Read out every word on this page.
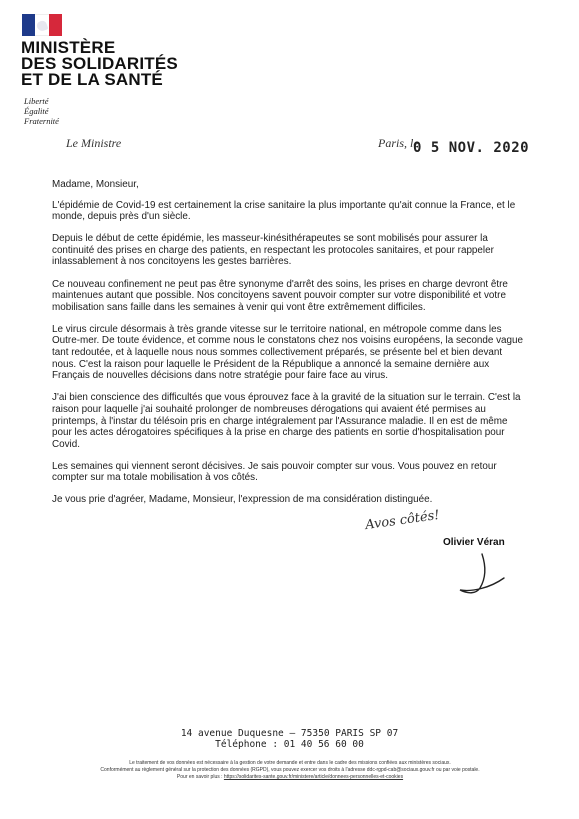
MINISTÈRE
DES SOLIDARITÉS
ET DE LA SANTÉ
Liberté
Égalité
Fraternité
Le Ministre	Paris, le
0 5 NOV. 2020

Madame, Monsieur,

L'épidémie de Covid-19 est certainement la crise sanitaire la plus importante qu'ait connue la France, et le monde, depuis près d'un siècle.

Depuis le début de cette épidémie, les masseur-kinésithérapeutes se sont mobilisés pour assurer la continuité des prises en charge des patients, en respectant les protocoles sanitaires, et pour rappeler inlassablement à nos concitoyens les gestes barrières.

Ce nouveau confinement ne peut pas être synonyme d'arrêt des soins, les prises en charge devront être maintenues autant que possible. Nos concitoyens savent pouvoir compter sur votre disponibilité et votre mobilisation sans faille dans les semaines à venir qui vont être extrêmement difficiles.

Le virus circule désormais à très grande vitesse sur le territoire national, en métropole comme dans les Outre-mer. De toute évidence, et comme nous le constatons chez nos voisins européens, la seconde vague tant redoutée, et à laquelle nous nous sommes collectivement préparés, se présente bel et bien devant nous. C'est la raison pour laquelle le Président de la République a annoncé la semaine dernière aux Français de nouvelles décisions dans notre stratégie pour faire face au virus.

J'ai bien conscience des difficultés que vous éprouvez face à la gravité de la situation sur le terrain. C'est la raison pour laquelle j'ai souhaité prolonger de nombreuses dérogations qui avaient été permises au printemps, à l'instar du télésoin pris en charge intégralement par l'Assurance maladie. Il en est de même pour les actes dérogatoires spécifiques à la prise en charge des patients en sortie d'hospitalisation pour Covid.

Les semaines qui viennent seront décisives. Je sais pouvoir compter sur vous. Vous pouvez en retour compter sur ma totale mobilisation à vos côtés.

Je vous prie d'agréer, Madame, Monsieur, l'expression de ma considération distinguée.

Avos côtés!
Olivier Véran
14 avenue Duquesne – 75350 PARIS SP 07
Téléphone : 01 40 56 60 00
Le traitement de vos données est nécessaire à la gestion de votre demande et entre dans le cadre des missions confiées aux ministères sociaux.
Conformément au règlement général sur la protection des données (RGPD), vous pouvez exercer vos droits à l'adresse ddc-rgpd-cab@sociaux.gouv.fr ou par voie postale.
Pour en savoir plus : https://solidarites-sante.gouv.fr/ministere/article/donnees-personnelles-et-cookies
